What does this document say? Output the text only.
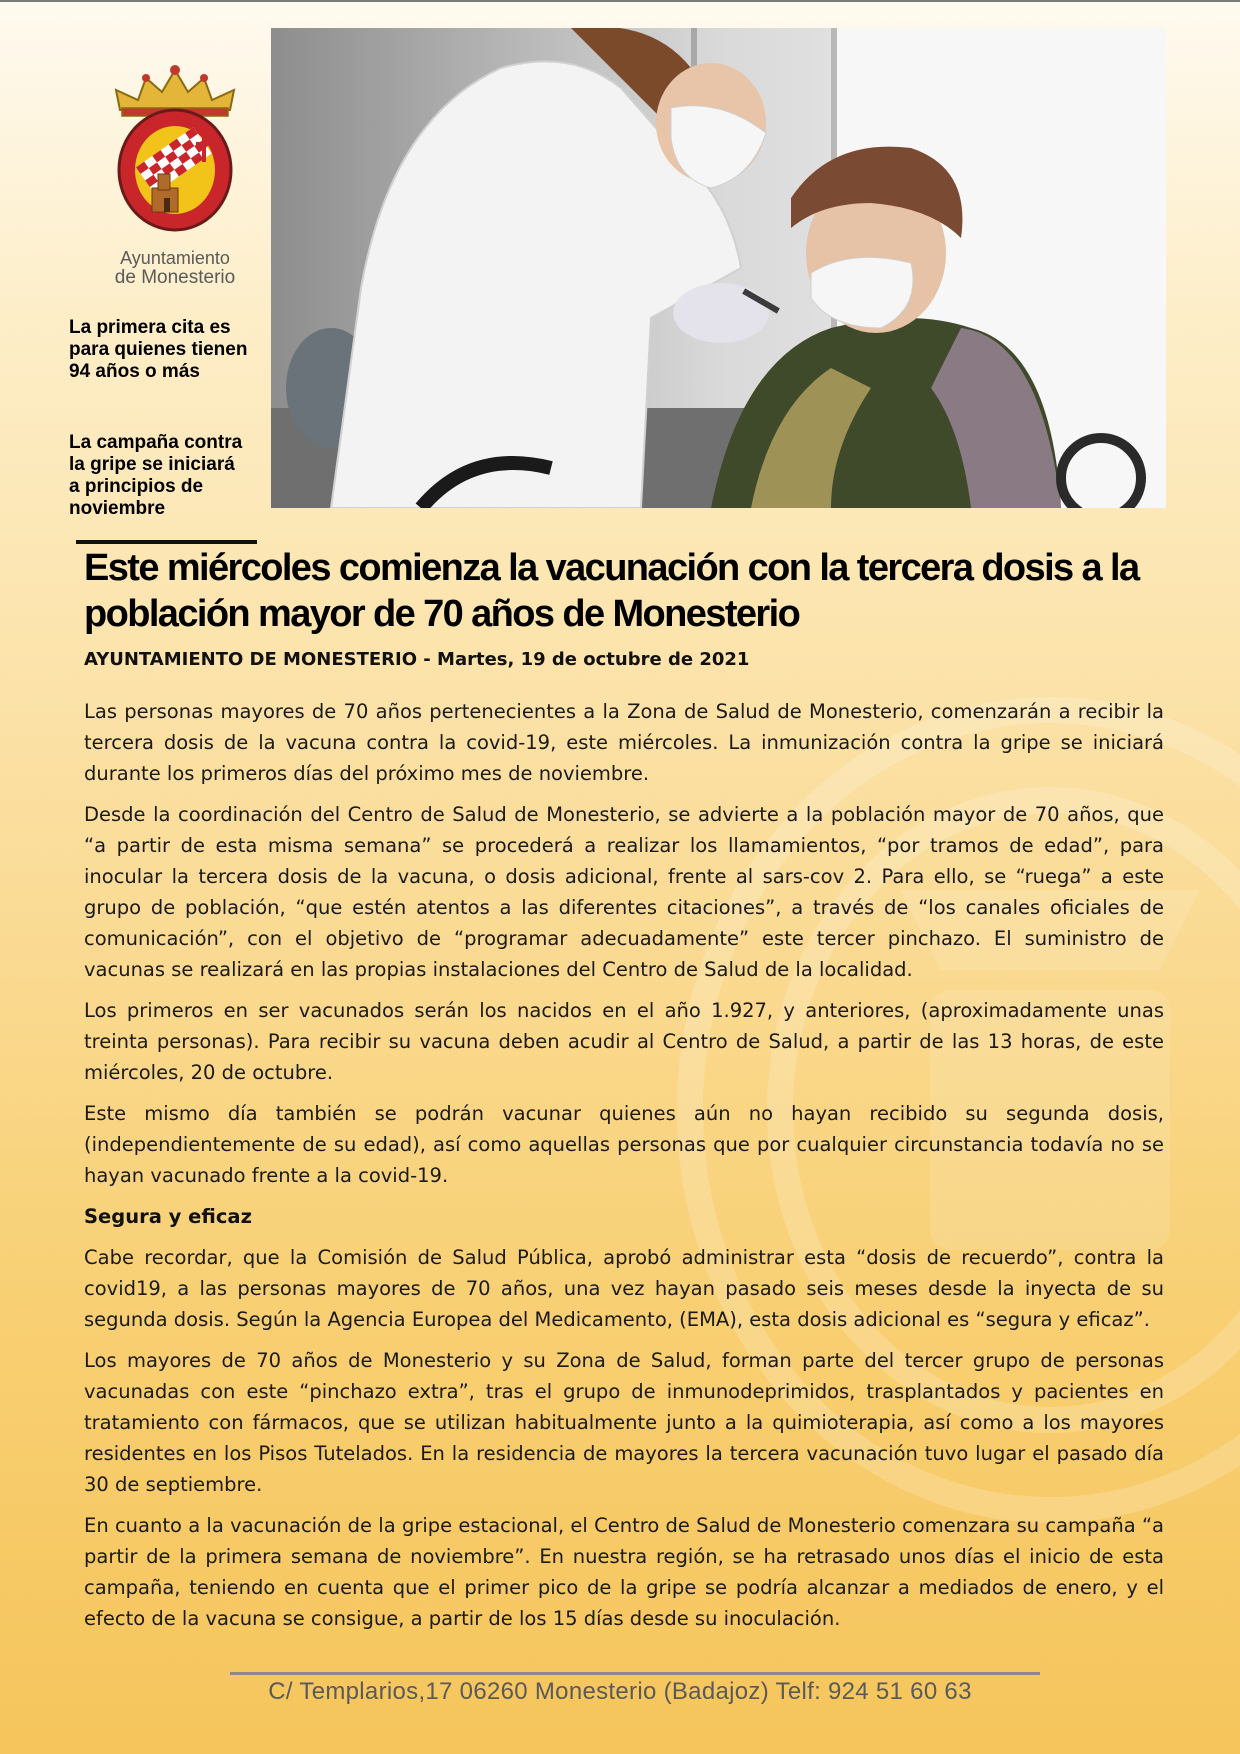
Ayuntamiento
de Monesterio

La primera cita es para quienes tienen 94 años o más

La campaña contra la gripe se iniciará a principios de noviembre

Este miércoles comienza la vacunación con la tercera dosis a la población mayor de 70 años de Monesterio

AYUNTAMIENTO DE MONESTERIO - Martes, 19 de octubre de 2021

Las personas mayores de 70 años pertenecientes a la Zona de Salud de Monesterio, comenzarán a recibir la tercera dosis de la vacuna contra la covid-19, este miércoles. La inmunización contra la gripe se iniciará durante los primeros días del próximo mes de noviembre.

Desde la coordinación del Centro de Salud de Monesterio, se advierte a la población mayor de 70 años, que “a partir de esta misma semana” se procederá a realizar los llamamientos, “por tramos de edad”, para inocular la tercera dosis de la vacuna, o dosis adicional, frente al sars-cov 2. Para ello, se “ruega” a este grupo de población, “que estén atentos a las diferentes citaciones”, a través de “los canales oficiales de comunicación”, con el objetivo de “programar adecuadamente” este tercer pinchazo. El suministro de vacunas se realizará en las propias instalaciones del Centro de Salud de la localidad.

Los primeros en ser vacunados serán los nacidos en el año 1.927, y anteriores, (aproximadamente unas treinta personas). Para recibir su vacuna deben acudir al Centro de Salud, a partir de las 13 horas, de este miércoles, 20 de octubre.

Este mismo día también se podrán vacunar quienes aún no hayan recibido su segunda dosis, (independientemente de su edad), así como aquellas personas que por cualquier circunstancia todavía no se hayan vacunado frente a la covid-19.

Segura y eficaz

Cabe recordar, que la Comisión de Salud Pública, aprobó administrar esta “dosis de recuerdo”, contra la covid19, a las personas mayores de 70 años, una vez hayan pasado seis meses desde la inyecta de su segunda dosis. Según la Agencia Europea del Medicamento, (EMA), esta dosis adicional es “segura y eficaz”.

Los mayores de 70 años de Monesterio y su Zona de Salud, forman parte del tercer grupo de personas vacunadas con este “pinchazo extra”, tras el grupo de inmunodeprimidos, trasplantados y pacientes en tratamiento con fármacos, que se utilizan habitualmente junto a la quimioterapia, así como a los mayores residentes en los Pisos Tutelados. En la residencia de mayores la tercera vacunación tuvo lugar el pasado día 30 de septiembre.

En cuanto a la vacunación de la gripe estacional, el Centro de Salud de Monesterio comenzara su campaña “a partir de la primera semana de noviembre”. En nuestra región, se ha retrasado unos días el inicio de esta campaña, teniendo en cuenta que el primer pico de la gripe se podría alcanzar a mediados de enero, y el efecto de la vacuna se consigue, a partir de los 15 días desde su inoculación.

C/ Templarios,17 06260 Monesterio (Badajoz) Telf: 924 51 60 63
